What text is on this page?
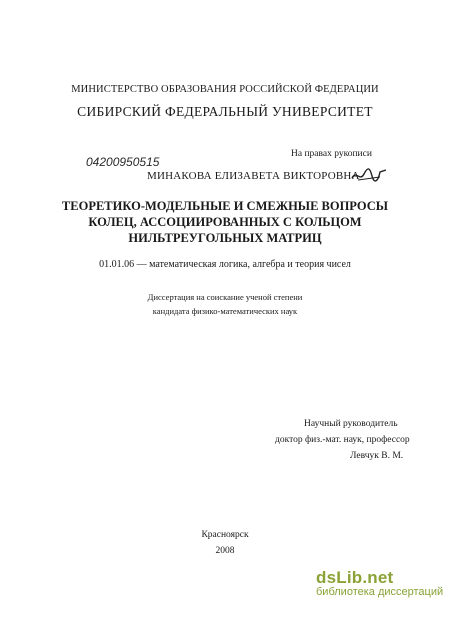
МИНИСТЕРСТВО ОБРАЗОВАНИЯ РОССИЙСКОЙ ФЕДЕРАЦИИ
СИБИРСКИЙ ФЕДЕРАЛЬНЫЙ УНИВЕРСИТЕТ
04200950515
На правах рукописи
МИНАКОВА ЕЛИЗАВЕТА ВИКТОРОВНА
ТЕОРЕТИКО-МОДЕЛЬНЫЕ И СМЕЖНЫЕ ВОПРОСЫ
КОЛЕЦ, АССОЦИИРОВАННЫХ С КОЛЬЦОМ
НИЛЬТРЕУГОЛЬНЫХ МАТРИЦ
01.01.06 — математическая логика, алгебра и теория чисел
Диссертация на соискание ученой степени
кандидата физико-математических наук
Научный руководитель
доктор физ.-мат. наук, профессор
Левчук В. М.
Красноярск
2008
dsLib.net
библиотека диссертаций
